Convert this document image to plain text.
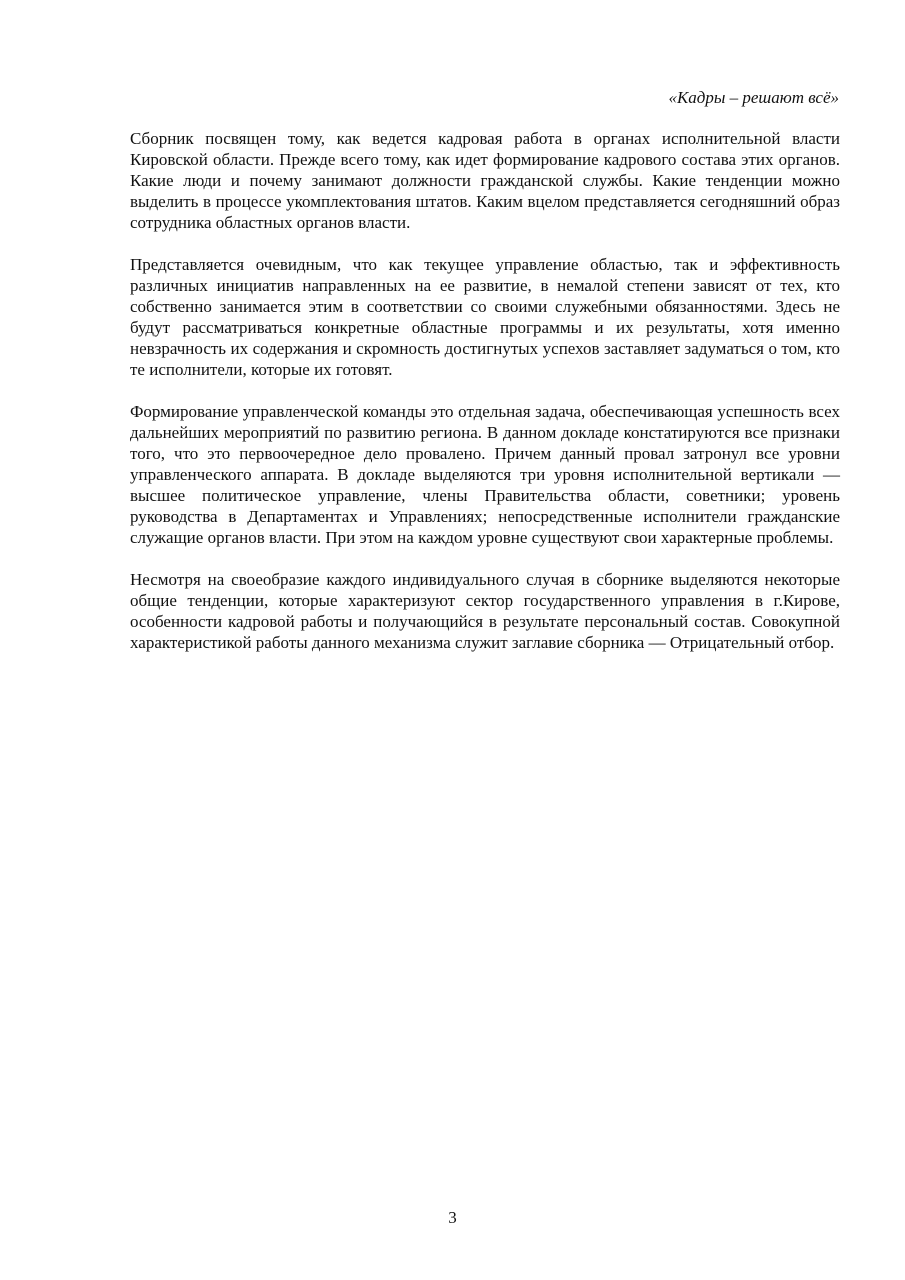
«Кадры – решают всё»

Сборник посвящен тому, как ведется кадровая работа в органах исполнительной власти Кировской области. Прежде всего тому, как идет формирование кадрового состава этих органов. Какие люди и почему занимают должности гражданской службы. Какие тенденции можно выделить в процессе укомплектования штатов. Каким вцелом представляется сегодняшний образ сотрудника областных органов власти.

Представляется очевидным, что как текущее управление областью, так и эффективность различных инициатив направленных на ее развитие, в немалой степени зависят от тех, кто собственно занимается этим в соответствии со своими служебными обязанностями. Здесь не будут рассматриваться конкретные областные программы и их результаты, хотя именно невзрачность их содержания и скромность достигнутых успехов заставляет задуматься о том, кто те исполнители, которые их готовят.

Формирование управленческой команды это отдельная задача, обеспечивающая успешность всех дальнейших мероприятий по развитию региона. В данном докладе констатируются все признаки того, что это первоочередное дело провалено. Причем данный провал затронул все уровни управленческого аппарата. В докладе выделяются три уровня исполнительной вертикали — высшее политическое управление, члены Правительства области, советники; уровень руководства в Департаментах и Управлениях; непосредственные исполнители гражданские служащие органов власти. При этом на каждом уровне существуют свои характерные проблемы.

Несмотря на своеобразие каждого индивидуального случая в сборнике выделяются некоторые общие тенденции, которые характеризуют сектор государственного управления в г.Кирове, особенности кадровой работы и получающийся в результате персональный состав. Совокупной характеристикой работы данного механизма служит заглавие сборника — Отрицательный отбор.

3
